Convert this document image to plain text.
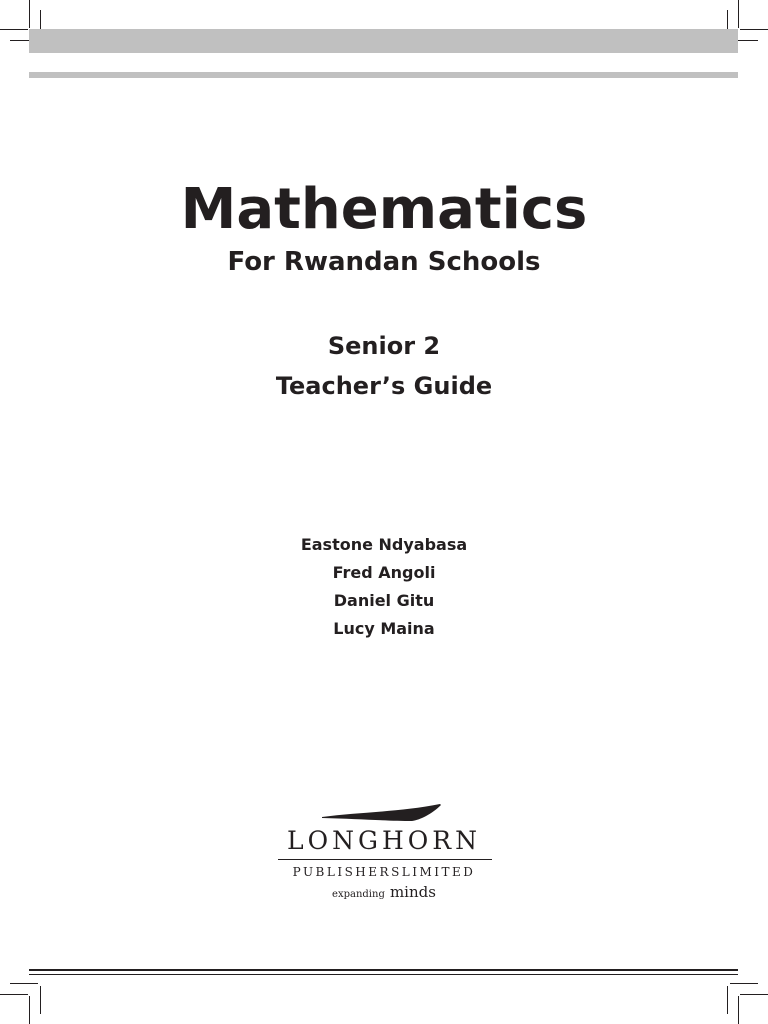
Mathematics
For Rwandan Schools
Senior 2
Teacher’s Guide
Eastone Ndyabasa
Fred Angoli
Daniel Gitu
Lucy Maina
LONGHORN
PUBLISHERSLIMITED
expanding minds
